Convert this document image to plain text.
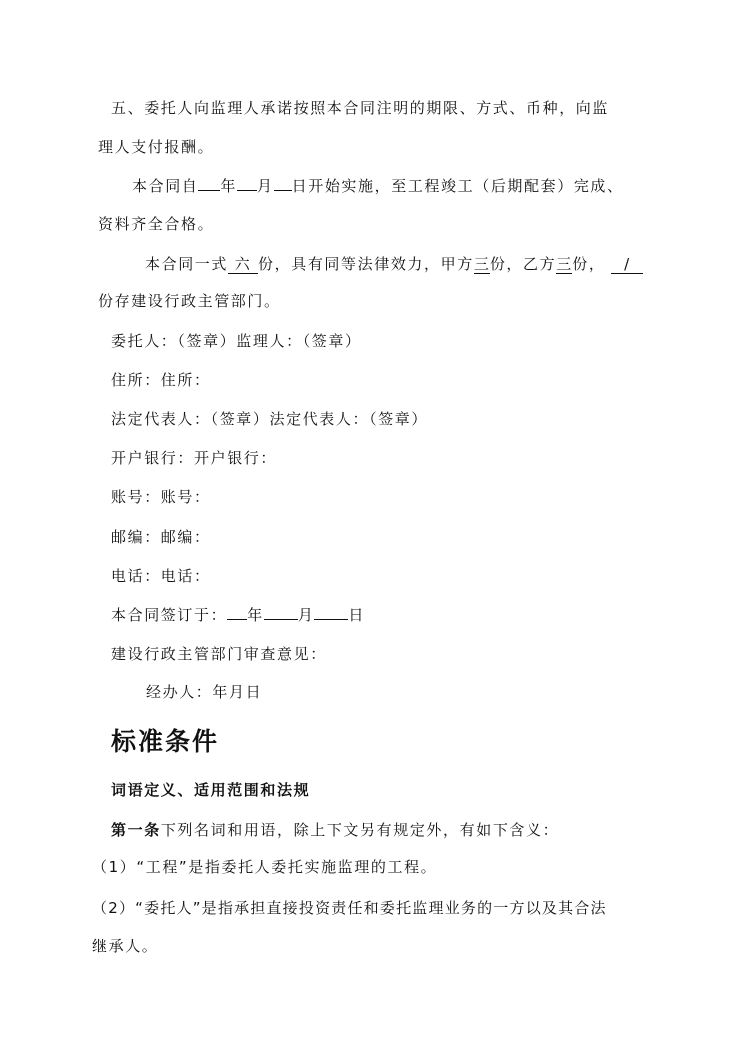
五、委托人向监理人承诺按照本合同注明的期限、方式、币种，向监
理人支付报酬。
本合同自 年 月 日开始实施，至工程竣工（后期配套）完成、
资料齐全合格。
本合同一式 六 份，具有同等法律效力，甲方三份，乙方三份， /
份存建设行政主管部门。
委托人：（签章）监理人：（签章）
住所：住所：
法定代表人：（签章）法定代表人：（签章）
开户银行：开户银行：
账号：账号：
邮编：邮编：
电话：电话：
本合同签订于： 年 月 日
建设行政主管部门审查意见：
经办人：年月日
标准条件
词语定义、适用范围和法规
第一条下列名词和用语，除上下文另有规定外，有如下含义：
（1）“工程”是指委托人委托实施监理的工程。
（2）“委托人”是指承担直接投资责任和委托监理业务的一方以及其合法
继承人。
